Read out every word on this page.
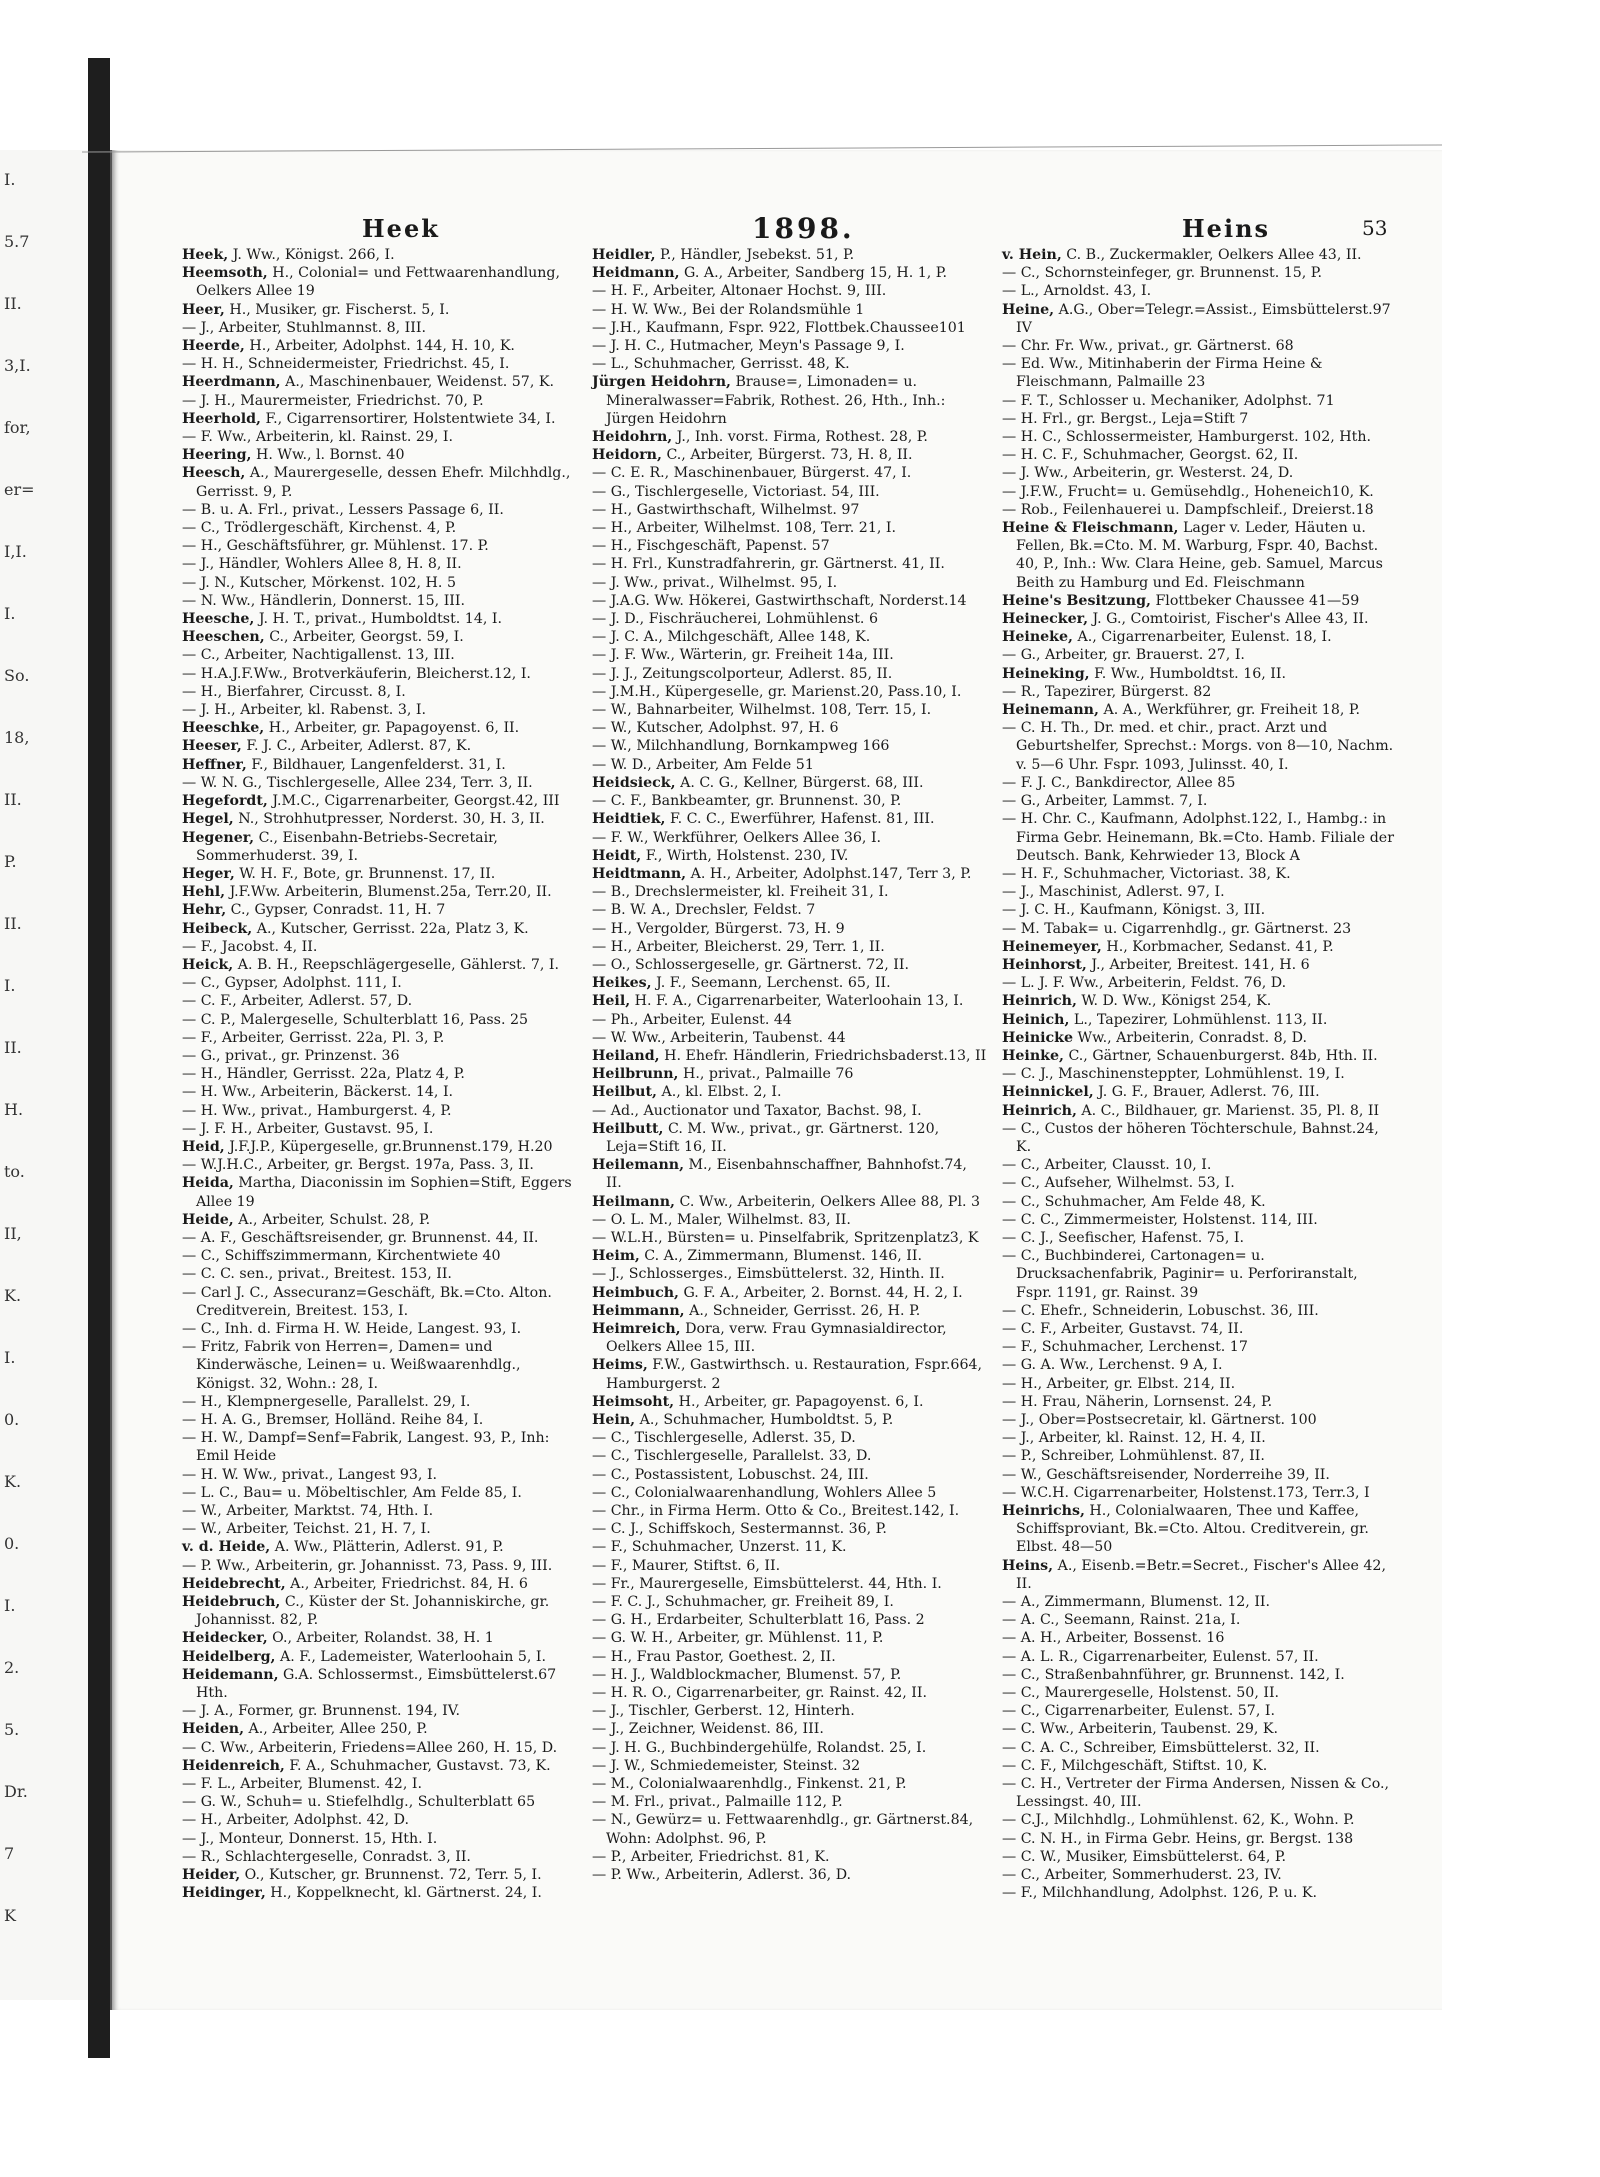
I.
5.7
II.
3,I.
for,
er=
I,I.
I.
So.
18,
II.
P.
II.
I.
II.
H.
to.
II,
K.
I.
0.
K.
0.
I.
2.
5.
Dr.
7
K
Heek	1898.	Heins	53
Heek, J. Ww., Königst. 266, I.
Heemsoth, H., Colonial= und Fettwaarenhandlung, Oelkers Allee 19
Heer, H., Musiker, gr. Fischerst. 5, I.
— J., Arbeiter, Stuhlmannst. 8, III.
Heerde, H., Arbeiter, Adolphst. 144, H. 10, K.
— H. H., Schneidermeister, Friedrichst. 45, I.
Heerdmann, A., Maschinenbauer, Weidenst. 57, K.
— J. H., Maurermeister, Friedrichst. 70, P.
Heerhold, F., Cigarrensortirer, Holstentwiete 34, I.
— F. Ww., Arbeiterin, kl. Rainst. 29, I.
Heering, H. Ww., l. Bornst. 40
Heesch, A., Maurergeselle, dessen Ehefr. Milchhdlg., Gerrisst. 9, P.
— B. u. A. Frl., privat., Lessers Passage 6, II.
— C., Trödlergeschäft, Kirchenst. 4, P.
— H., Geschäftsführer, gr. Mühlenst. 17. P.
— J., Händler, Wohlers Allee 8, H. 8, II.
— J. N., Kutscher, Mörkenst. 102, H. 5
— N. Ww., Händlerin, Donnerst. 15, III.
Heesche, J. H. T., privat., Humboldtst. 14, I.
Heeschen, C., Arbeiter, Georgst. 59, I.
— C., Arbeiter, Nachtigallenst. 13, III.
— H.A.J.F.Ww., Brotverkäuferin, Bleicherst.12, I.
— H., Bierfahrer, Circusst. 8, I.
— J. H., Arbeiter, kl. Rabenst. 3, I.
Heeschke, H., Arbeiter, gr. Papagoyenst. 6, II.
Heeser, F. J. C., Arbeiter, Adlerst. 87, K.
Heffner, F., Bildhauer, Langenfelderst. 31, I.
— W. N. G., Tischlergeselle, Allee 234, Terr. 3, II.
Hegefordt, J.M.C., Cigarrenarbeiter, Georgst.42, III
Hegel, N., Strohhutpresser, Norderst. 30, H. 3, II.
Hegener, C., Eisenbahn-Betriebs-Secretair, Sommerhuderst. 39, I.
Heger, W. H. F., Bote, gr. Brunnenst. 17, II.
Hehl, J.F.Ww. Arbeiterin, Blumenst.25a, Terr.20, II.
Hehr, C., Gypser, Conradst. 11, H. 7
Heibeck, A., Kutscher, Gerrisst. 22a, Platz 3, K.
— F., Jacobst. 4, II.
Heick, A. B. H., Reepschlägergeselle, Gählerst. 7, I.
— C., Gypser, Adolphst. 111, I.
— C. F., Arbeiter, Adlerst. 57, D.
— C. P., Malergeselle, Schulterblatt 16, Pass. 25
— F., Arbeiter, Gerrisst. 22a, Pl. 3, P.
— G., privat., gr. Prinzenst. 36
— H., Händler, Gerrisst. 22a, Platz 4, P.
— H. Ww., Arbeiterin, Bäckerst. 14, I.
— H. Ww., privat., Hamburgerst. 4, P.
— J. F. H., Arbeiter, Gustavst. 95, I.
Heid, J.F.J.P., Küpergeselle, gr.Brunnenst.179, H.20
— W.J.H.C., Arbeiter, gr. Bergst. 197a, Pass. 3, II.
Heida, Martha, Diaconissin im Sophien=Stift, Eggers Allee 19
Heide, A., Arbeiter, Schulst. 28, P.
— A. F., Geschäftsreisender, gr. Brunnenst. 44, II.
— C., Schiffszimmermann, Kirchentwiete 40
— C. C. sen., privat., Breitest. 153, II.
— Carl J. C., Assecuranz=Geschäft, Bk.=Cto. Alton. Creditverein, Breitest. 153, I.
— C., Inh. d. Firma H. W. Heide, Langest. 93, I.
— Fritz, Fabrik von Herren=, Damen= und Kinderwäsche, Leinen= u. Weißwaarenhdlg., Königst. 32, Wohn.: 28, I.
— H., Klempnergeselle, Parallelst. 29, I.
— H. A. G., Bremser, Holländ. Reihe 84, I.
— H. W., Dampf=Senf=Fabrik, Langest. 93, P., Inh: Emil Heide
— H. W. Ww., privat., Langest 93, I.
— L. C., Bau= u. Möbeltischler, Am Felde 85, I.
— W., Arbeiter, Marktst. 74, Hth. I.
— W., Arbeiter, Teichst. 21, H. 7, I.
v. d. Heide, A. Ww., Plätterin, Adlerst. 91, P.
— P. Ww., Arbeiterin, gr. Johannisst. 73, Pass. 9, III.
Heidebrecht, A., Arbeiter, Friedrichst. 84, H. 6
Heidebruch, C., Küster der St. Johanniskirche, gr. Johannisst. 82, P.
Heidecker, O., Arbeiter, Rolandst. 38, H. 1
Heidelberg, A. F., Lademeister, Waterloohain 5, I.
Heidemann, G.A. Schlossermst., Eimsbüttelerst.67 Hth.
— J. A., Former, gr. Brunnenst. 194, IV.
Heiden, A., Arbeiter, Allee 250, P.
— C. Ww., Arbeiterin, Friedens=Allee 260, H. 15, D.
Heidenreich, F. A., Schuhmacher, Gustavst. 73, K.
— F. L., Arbeiter, Blumenst. 42, I.
— G. W., Schuh= u. Stiefelhdlg., Schulterblatt 65
— H., Arbeiter, Adolphst. 42, D.
— J., Monteur, Donnerst. 15, Hth. I.
— R., Schlachtergeselle, Conradst. 3, II.
Heider, O., Kutscher, gr. Brunnenst. 72, Terr. 5, I.
Heidinger, H., Koppelknecht, kl. Gärtnerst. 24, I.
Heidler, P., Händler, Jsebekst. 51, P.
Heidmann, G. A., Arbeiter, Sandberg 15, H. 1, P.
— H. F., Arbeiter, Altonaer Hochst. 9, III.
— H. W. Ww., Bei der Rolandsmühle 1
— J.H., Kaufmann, Fspr. 922, Flottbek.Chaussee101
— J. H. C., Hutmacher, Meyn's Passage 9, I.
— L., Schuhmacher, Gerrisst. 48, K.
Jürgen Heidohrn, Brause=, Limonaden= u. Mineralwasser=Fabrik, Rothest. 26, Hth., Inh.: Jürgen Heidohrn
Heidohrn, J., Inh. vorst. Firma, Rothest. 28, P.
Heidorn, C., Arbeiter, Bürgerst. 73, H. 8, II.
— C. E. R., Maschinenbauer, Bürgerst. 47, I.
— G., Tischlergeselle, Victoriast. 54, III.
— H., Gastwirthschaft, Wilhelmst. 97
— H., Arbeiter, Wilhelmst. 108, Terr. 21, I.
— H., Fischgeschäft, Papenst. 57
— H. Frl., Kunstradfahrerin, gr. Gärtnerst. 41, II.
— J. Ww., privat., Wilhelmst. 95, I.
— J.A.G. Ww. Hökerei, Gastwirthschaft, Norderst.14
— J. D., Fischräucherei, Lohmühlenst. 6
— J. C. A., Milchgeschäft, Allee 148, K.
— J. F. Ww., Wärterin, gr. Freiheit 14a, III.
— J. J., Zeitungscolporteur, Adlerst. 85, II.
— J.M.H., Küpergeselle, gr. Marienst.20, Pass.10, I.
— W., Bahnarbeiter, Wilhelmst. 108, Terr. 15, I.
— W., Kutscher, Adolphst. 97, H. 6
— W., Milchhandlung, Bornkampweg 166
— W. D., Arbeiter, Am Felde 51
Heidsieck, A. C. G., Kellner, Bürgerst. 68, III.
— C. F., Bankbeamter, gr. Brunnenst. 30, P.
Heidtiek, F. C. C., Ewerführer, Hafenst. 81, III.
— F. W., Werkführer, Oelkers Allee 36, I.
Heidt, F., Wirth, Holstenst. 230, IV.
Heidtmann, A. H., Arbeiter, Adolphst.147, Terr 3, P.
— B., Drechslermeister, kl. Freiheit 31, I.
— B. W. A., Drechsler, Feldst. 7
— H., Vergolder, Bürgerst. 73, H. 9
— H., Arbeiter, Bleicherst. 29, Terr. 1, II.
— O., Schlossergeselle, gr. Gärtnerst. 72, II.
Heikes, J. F., Seemann, Lerchenst. 65, II.
Heil, H. F. A., Cigarrenarbeiter, Waterloohain 13, I.
— Ph., Arbeiter, Eulenst. 44
— W. Ww., Arbeiterin, Taubenst. 44
Heiland, H. Ehefr. Händlerin, Friedrichsbaderst.13, II
Heilbrunn, H., privat., Palmaille 76
Heilbut, A., kl. Elbst. 2, I.
— Ad., Auctionator und Taxator, Bachst. 98, I.
Heilbutt, C. M. Ww., privat., gr. Gärtnerst. 120, Leja=Stift 16, II.
Heilemann, M., Eisenbahnschaffner, Bahnhofst.74, II.
Heilmann, C. Ww., Arbeiterin, Oelkers Allee 88, Pl. 3
— O. L. M., Maler, Wilhelmst. 83, II.
— W.L.H., Bürsten= u. Pinselfabrik, Spritzenplatz3, K
Heim, C. A., Zimmermann, Blumenst. 146, II.
— J., Schlosserges., Eimsbüttelerst. 32, Hinth. II.
Heimbuch, G. F. A., Arbeiter, 2. Bornst. 44, H. 2, I.
Heimmann, A., Schneider, Gerrisst. 26, H. P.
Heimreich, Dora, verw. Frau Gymnasialdirector, Oelkers Allee 15, III.
Heims, F.W., Gastwirthsch. u. Restauration, Fspr.664, Hamburgerst. 2
Heimsoht, H., Arbeiter, gr. Papagoyenst. 6, I.
Hein, A., Schuhmacher, Humboldtst. 5, P.
— C., Tischlergeselle, Adlerst. 35, D.
— C., Tischlergeselle, Parallelst. 33, D.
— C., Postassistent, Lobuschst. 24, III.
— C., Colonialwaarenhandlung, Wohlers Allee 5
— Chr., in Firma Herm. Otto & Co., Breitest.142, I.
— C. J., Schiffskoch, Sestermannst. 36, P.
— F., Schuhmacher, Unzerst. 11, K.
— F., Maurer, Stiftst. 6, II.
— Fr., Maurergeselle, Eimsbüttelerst. 44, Hth. I.
— F. C. J., Schuhmacher, gr. Freiheit 89, I.
— G. H., Erdarbeiter, Schulterblatt 16, Pass. 2
— G. W. H., Arbeiter, gr. Mühlenst. 11, P.
— H., Frau Pastor, Goethest. 2, II.
— H. J., Waldblockmacher, Blumenst. 57, P.
— H. R. O., Cigarrenarbeiter, gr. Rainst. 42, II.
— J., Tischler, Gerberst. 12, Hinterh.
— J., Zeichner, Weidenst. 86, III.
— J. H. G., Buchbindergehülfe, Rolandst. 25, I.
— J. W., Schmiedemeister, Steinst. 32
— M., Colonialwaarenhdlg., Finkenst. 21, P.
— M. Frl., privat., Palmaille 112, P.
— N., Gewürz= u. Fettwaarenhdlg., gr. Gärtnerst.84, Wohn: Adolphst. 96, P.
— P., Arbeiter, Friedrichst. 81, K.
— P. Ww., Arbeiterin, Adlerst. 36, D.
v. Hein, C. B., Zuckermakler, Oelkers Allee 43, II.
— C., Schornsteinfeger, gr. Brunnenst. 15, P.
— L., Arnoldst. 43, I.
Heine, A.G., Ober=Telegr.=Assist., Eimsbüttelerst.97 IV
— Chr. Fr. Ww., privat., gr. Gärtnerst. 68
— Ed. Ww., Mitinhaberin der Firma Heine & Fleischmann, Palmaille 23
— F. T., Schlosser u. Mechaniker, Adolphst. 71
— H. Frl., gr. Bergst., Leja=Stift 7
— H. C., Schlossermeister, Hamburgerst. 102, Hth.
— H. C. F., Schuhmacher, Georgst. 62, II.
— J. Ww., Arbeiterin, gr. Westerst. 24, D.
— J.F.W., Frucht= u. Gemüsehdlg., Hoheneich10, K.
— Rob., Feilenhauerei u. Dampfschleif., Dreierst.18
Heine & Fleischmann, Lager v. Leder, Häuten u. Fellen, Bk.=Cto. M. M. Warburg, Fspr. 40, Bachst. 40, P., Inh.: Ww. Clara Heine, geb. Samuel, Marcus Beith zu Hamburg und Ed. Fleischmann
Heine's Besitzung, Flottbeker Chaussee 41—59
Heinecker, J. G., Comtoirist, Fischer's Allee 43, II.
Heineke, A., Cigarrenarbeiter, Eulenst. 18, I.
— G., Arbeiter, gr. Brauerst. 27, I.
Heineking, F. Ww., Humboldtst. 16, II.
— R., Tapezirer, Bürgerst. 82
Heinemann, A. A., Werkführer, gr. Freiheit 18, P.
— C. H. Th., Dr. med. et chir., pract. Arzt und Geburtshelfer, Sprechst.: Morgs. von 8—10, Nachm. v. 5—6 Uhr. Fspr. 1093, Julinsst. 40, I.
— F. J. C., Bankdirector, Allee 85
— G., Arbeiter, Lammst. 7, I.
— H. Chr. C., Kaufmann, Adolphst.122, I., Hambg.: in Firma Gebr. Heinemann, Bk.=Cto. Hamb. Filiale der Deutsch. Bank, Kehrwieder 13, Block A
— H. F., Schuhmacher, Victoriast. 38, K.
— J., Maschinist, Adlerst. 97, I.
— J. C. H., Kaufmann, Königst. 3, III.
— M. Tabak= u. Cigarrenhdlg., gr. Gärtnerst. 23
Heinemeyer, H., Korbmacher, Sedanst. 41, P.
Heinhorst, J., Arbeiter, Breitest. 141, H. 6
— L. J. F. Ww., Arbeiterin, Feldst. 76, D.
Heinrich, W. D. Ww., Königst 254, K.
Heinich, L., Tapezirer, Lohmühlenst. 113, II.
Heinicke Ww., Arbeiterin, Conradst. 8, D.
Heinke, C., Gärtner, Schauenburgerst. 84b, Hth. II.
— C. J., Maschinensteppter, Lohmühlenst. 19, I.
Heinnickel, J. G. F., Brauer, Adlerst. 76, III.
Heinrich, A. C., Bildhauer, gr. Marienst. 35, Pl. 8, II
— C., Custos der höheren Töchterschule, Bahnst.24, K.
— C., Arbeiter, Clausst. 10, I.
— C., Aufseher, Wilhelmst. 53, I.
— C., Schuhmacher, Am Felde 48, K.
— C. C., Zimmermeister, Holstenst. 114, III.
— C. J., Seefischer, Hafenst. 75, I.
— C., Buchbinderei, Cartonagen= u. Drucksachenfabrik, Paginir= u. Perforiranstalt, Fspr. 1191, gr. Rainst. 39
— C. Ehefr., Schneiderin, Lobuschst. 36, III.
— C. F., Arbeiter, Gustavst. 74, II.
— F., Schuhmacher, Lerchenst. 17
— G. A. Ww., Lerchenst. 9 A, I.
— H., Arbeiter, gr. Elbst. 214, II.
— H. Frau, Näherin, Lornsenst. 24, P.
— J., Ober=Postsecretair, kl. Gärtnerst. 100
— J., Arbeiter, kl. Rainst. 12, H. 4, II.
— P., Schreiber, Lohmühlenst. 87, II.
— W., Geschäftsreisender, Norderreihe 39, II.
— W.C.H. Cigarrenarbeiter, Holstenst.173, Terr.3, I
Heinrichs, H., Colonialwaaren, Thee und Kaffee, Schiffsproviant, Bk.=Cto. Altou. Creditverein, gr. Elbst. 48—50
Heins, A., Eisenb.=Betr.=Secret., Fischer's Allee 42, II.
— A., Zimmermann, Blumenst. 12, II.
— A. C., Seemann, Rainst. 21a, I.
— A. H., Arbeiter, Bossenst. 16
— A. L. R., Cigarrenarbeiter, Eulenst. 57, II.
— C., Straßenbahnführer, gr. Brunnenst. 142, I.
— C., Maurergeselle, Holstenst. 50, II.
— C., Cigarrenarbeiter, Eulenst. 57, I.
— C. Ww., Arbeiterin, Taubenst. 29, K.
— C. A. C., Schreiber, Eimsbüttelerst. 32, II.
— C. F., Milchgeschäft, Stiftst. 10, K.
— C. H., Vertreter der Firma Andersen, Nissen & Co., Lessingst. 40, III.
— C.J., Milchhdlg., Lohmühlenst. 62, K., Wohn. P.
— C. N. H., in Firma Gebr. Heins, gr. Bergst. 138
— C. W., Musiker, Eimsbüttelerst. 64, P.
— C., Arbeiter, Sommerhuderst. 23, IV.
— F., Milchhandlung, Adolphst. 126, P. u. K.
